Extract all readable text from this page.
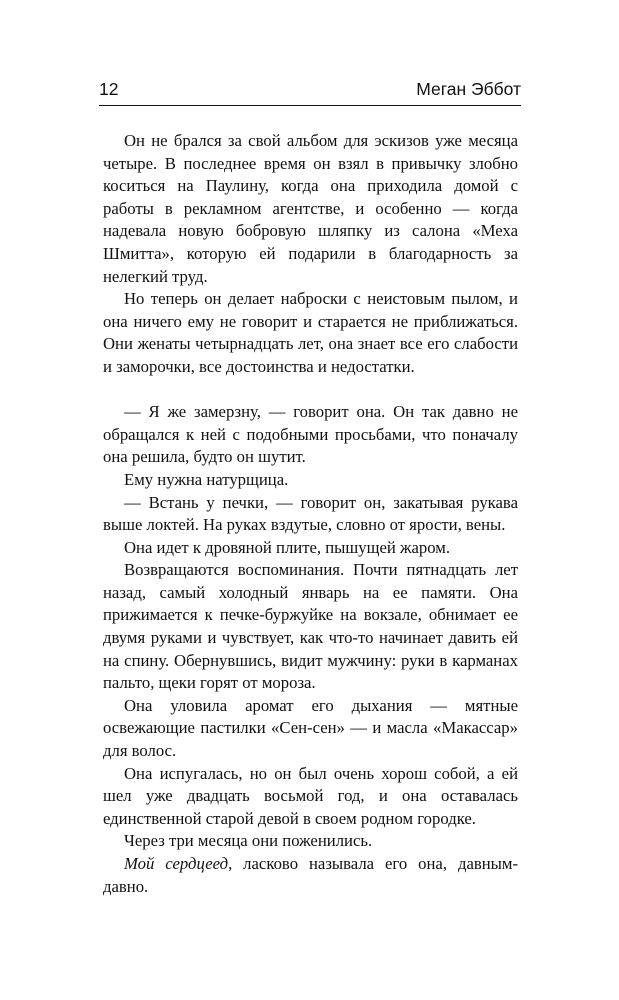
12	Меган Эббот

Он не брался за свой альбом для эскизов уже месяца четыре. В последнее время он взял в привычку злобно коситься на Паулину, когда она приходила домой с работы в рекламном агентстве, и особенно — когда надевала новую бобровую шляпку из салона «Меха Шмитта», которую ей подарили в благодарность за нелегкий труд.

Но теперь он делает наброски с неистовым пылом, и она ничего ему не говорит и старается не приближаться. Они женаты четырнадцать лет, она знает все его слабости и заморочки, все достоинства и недостатки.

— Я же замерзну, — говорит она. Он так давно не обращался к ней с подобными просьбами, что поначалу она решила, будто он шутит.

Ему нужна натурщица.

— Встань у печки, — говорит он, закатывая рукава выше локтей. На руках вздутые, словно от ярости, вены.

Она идет к дровяной плите, пышущей жаром.

Возвращаются воспоминания. Почти пятнадцать лет назад, самый холодный январь на ее памяти. Она прижимается к печке-буржуйке на вокзале, обнимает ее двумя руками и чувствует, как что-то начинает давить ей на спину. Обернувшись, видит мужчину: руки в карманах пальто, щеки горят от мороза.

Она уловила аромат его дыхания — мятные освежающие пастилки «Сен-сен» — и масла «Макассар» для волос.

Она испугалась, но он был очень хорош собой, а ей шел уже двадцать восьмой год, и она оставалась единственной старой девой в своем родном городке.

Через три месяца они поженились.

Мой сердцеед, ласково называла его она, давным-давно.
